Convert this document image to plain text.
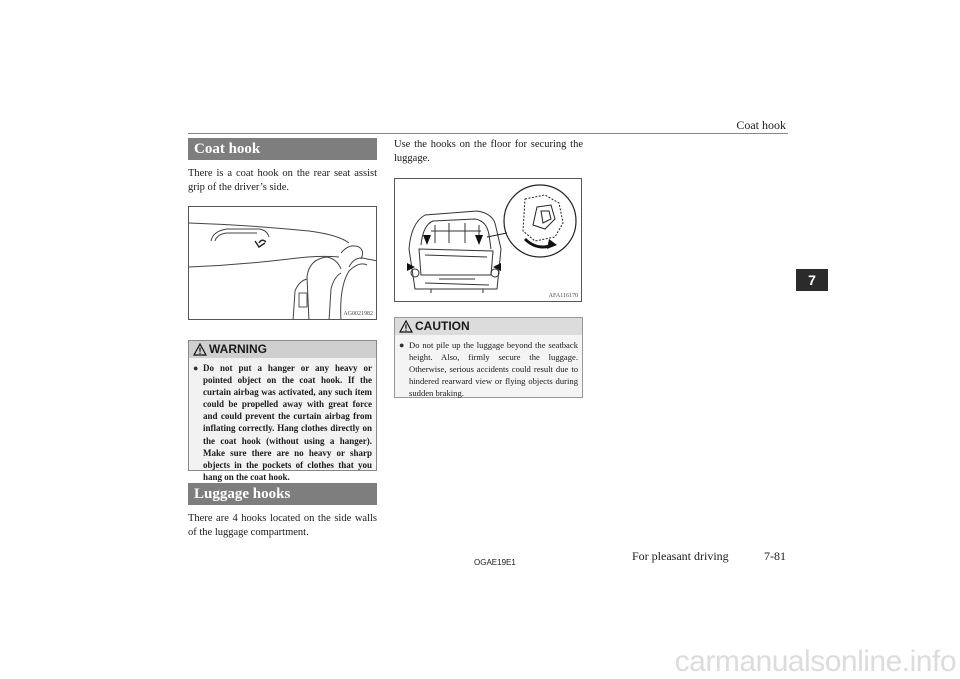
Coat hook
7
Coat hook
There is a coat hook on the rear seat assist grip of the driver’s side.
AG0021982
WARNING
● Do not put a hanger or any heavy or pointed object on the coat hook. If the curtain airbag was activated, any such item could be propelled away with great force and could prevent the curtain airbag from inflating correctly. Hang clothes directly on the coat hook (without using a hanger). Make sure there are no heavy or sharp objects in the pockets of clothes that you hang on the coat hook.
Luggage hooks
There are 4 hooks located on the side walls of the luggage compartment.
Use the hooks on the floor for securing the luggage.
AFA116170
CAUTION
● Do not pile up the luggage beyond the seatback height. Also, firmly secure the luggage. Otherwise, serious accidents could result due to hindered rearward view or flying objects during sudden braking.
OGAE19E1	For pleasant driving	7-81
carmanualsonline.info
